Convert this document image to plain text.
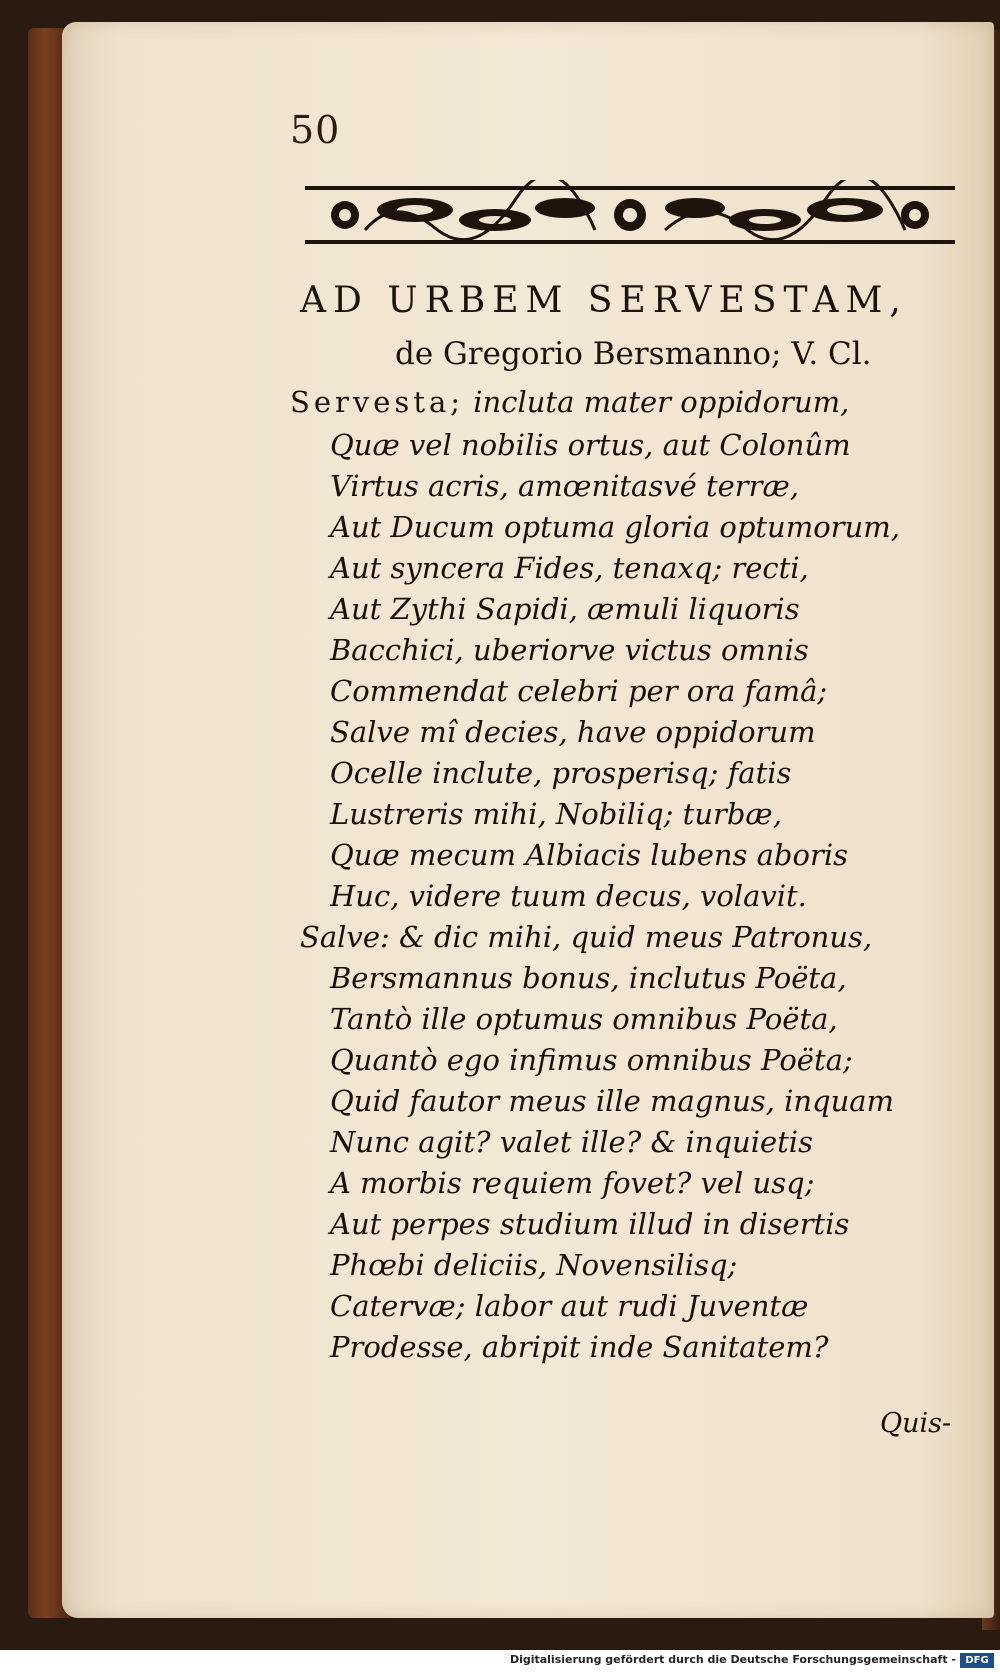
50
AD URBEM SERVESTAM,
de Gregorio Bersmanno; V. Cl.
Servesta; incluta mater oppidorum,
Quæ vel nobilis ortus, aut Colonûm
Virtus acris, amœnitasvé terræ,
Aut Ducum optuma gloria optumorum,
Aut syncera Fides, tenaxq; recti,
Aut Zythi Sapidi, æmuli liquoris
Bacchici, uberiorve victus omnis
Commendat celebri per ora famâ;
Salve mî decies, have oppidorum
Ocelle inclute, prosperisq; fatis
Lustreris mihi, Nobiliq; turbæ,
Quæ mecum Albiacis lubens aboris
Huc, videre tuum decus, volavit.
Salve: & dic mihi, quid meus Patronus,
Bersmannus bonus, inclutus Poëta,
Tantò ille optumus omnibus Poëta,
Quantò ego infimus omnibus Poëta;
Quid fautor meus ille magnus, inquam
Nunc agit? valet ille? & inquietis
A morbis requiem fovet? vel usq;
Aut perpes studium illud in disertis
Phœbi deliciis, Novensilisq;
Catervæ; labor aut rudi Juventæ
Prodesse, abripit inde Sanitatem?
Quis-
Digitalisierung gefördert durch die Deutsche Forschungsgemeinschaft - DFG
